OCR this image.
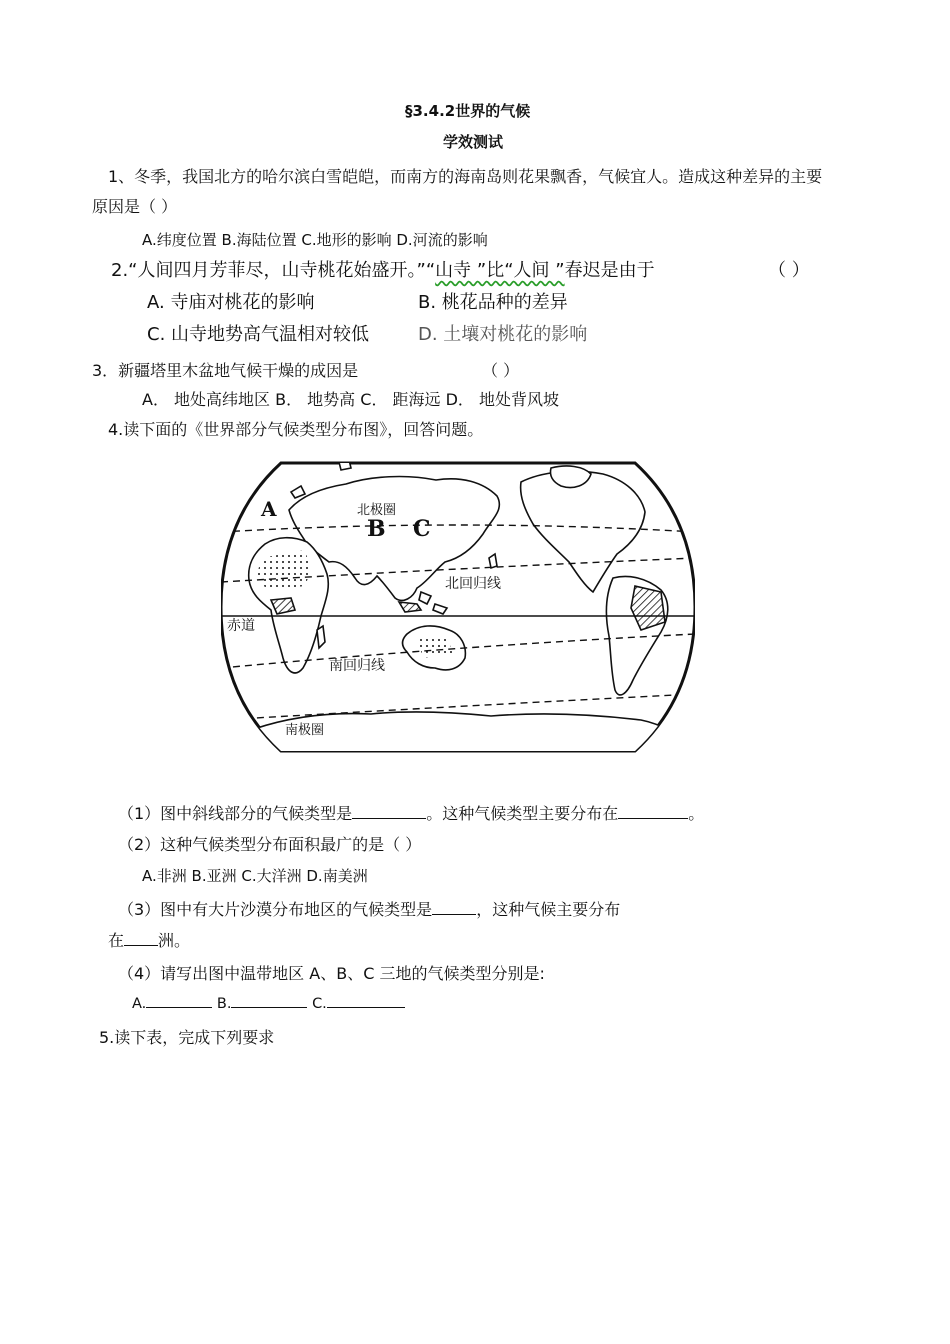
§3.4.2世界的气候
学效测试
1、冬季，我国北方的哈尔滨白雪皑皑，而南方的海南岛则花果飘香，气候宜人。造成这种差异的主要
原因是（ ）
A.纬度位置 B.海陆位置 C.地形的影响 D.河流的影响
2.“人间四月芳菲尽，山寺桃花始盛开。”“山寺 ”比“人间 ”春迟是由于	（ ）
A. 寺庙对桃花的影响	B. 桃花品种的差异
C. 山寺地势高气温相对较低	D. 土壤对桃花的影响
3．新疆塔里木盆地气候干燥的成因是	（ ）
A． 地处高纬地区 B． 地势高 C． 距海远 D． 地处背风坡
4.读下面的《世界部分气候类型分布图》，回答问题。
A
B C
北极圈
北回归线
赤道
南回归线
南极圈
（1）图中斜线部分的气候类型是	。这种气候类型主要分布在	。
（2）这种气候类型分布面积最广的是（ ）
A.非洲 B.亚洲 C.大洋洲 D.南美洲
（3）图中有大片沙漠分布地区的气候类型是	，这种气候主要分布
在 洲。
（4）请写出图中温带地区 A、B、C 三地的气候类型分别是:
A.	B.	C.
5.读下表，完成下列要求
